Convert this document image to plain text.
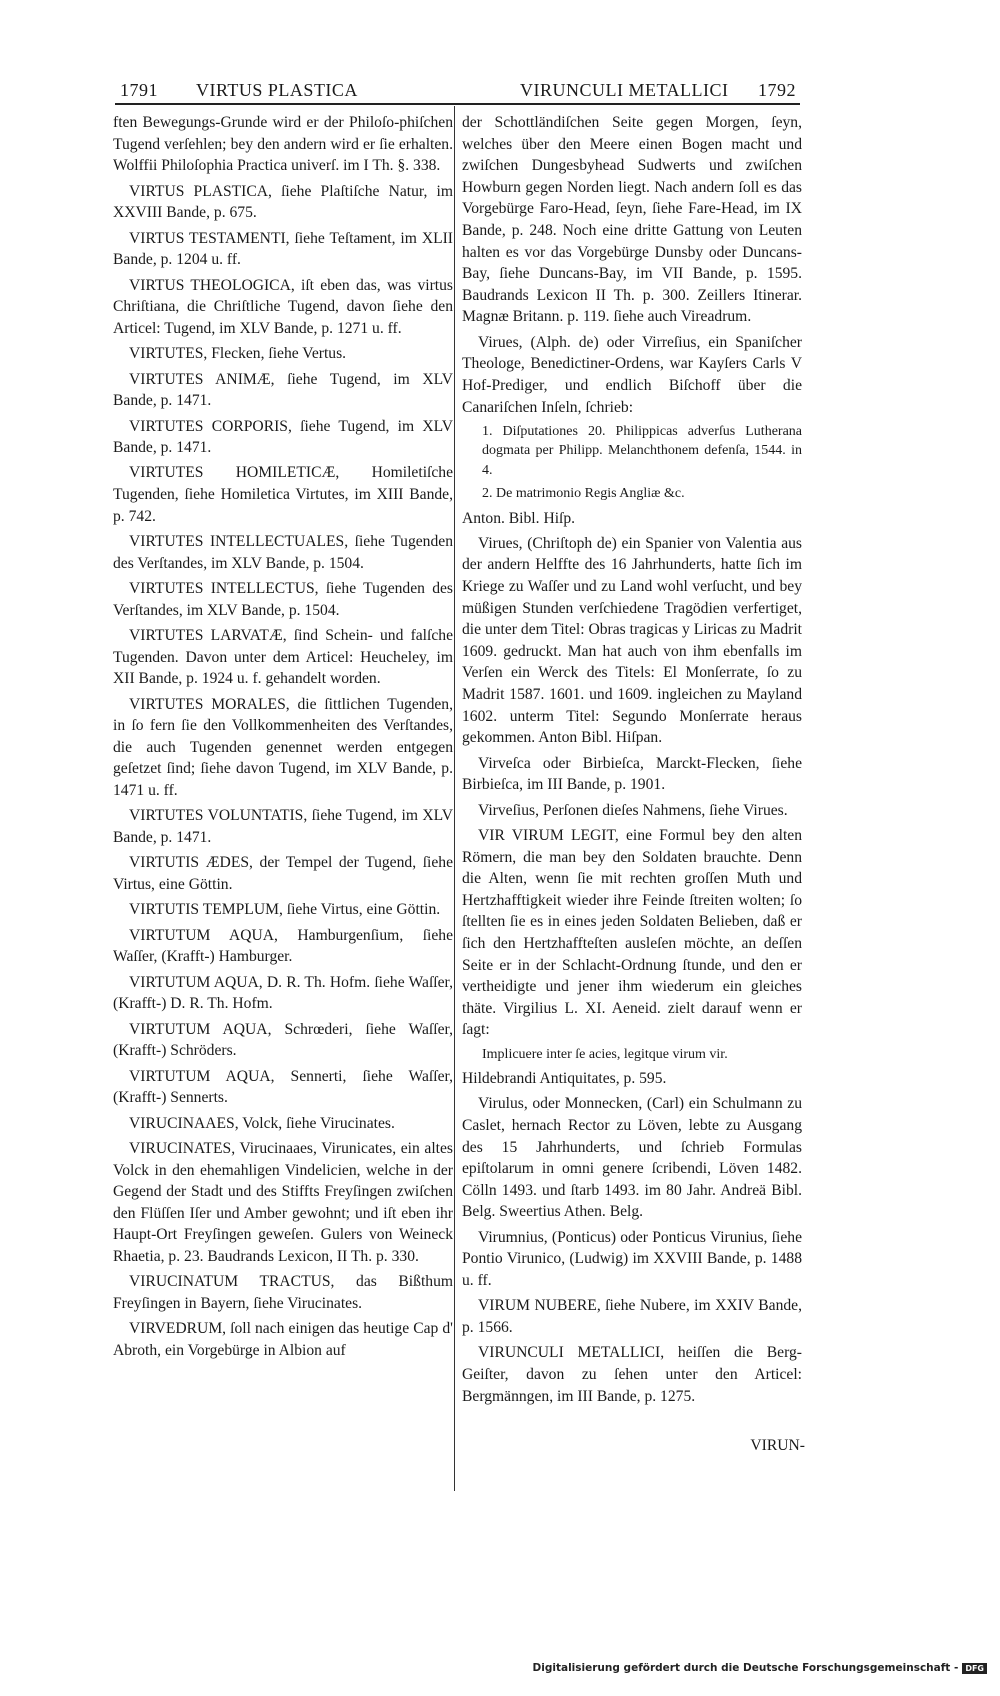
1791 VIRTUS PLASTICA	VIRUNCULI METALLICI 1792

ften Bewegungs-Grunde wird er der Philoſo-phiſchen Tugend verſehlen; bey den andern wird er ſie erhalten. Wolffii Philoſophia Practica univerſ. im I Th. §. 338.

VIRTUS PLASTICA, ſiehe Plaſtiſche Natur, im XXVIII Bande, p. 675.

VIRTUS TESTAMENTI, ſiehe Teſtament, im XLII Bande, p. 1204 u. ff.

VIRTUS THEOLOGICA, iſt eben das, was virtus Chriſtiana, die Chriſtliche Tugend, davon ſiehe den Articel: Tugend, im XLV Bande, p. 1271 u. ff.

VIRTUTES, Flecken, ſiehe Vertus.

VIRTUTES ANIMÆ, ſiehe Tugend, im XLV Bande, p. 1471.

VIRTUTES CORPORIS, ſiehe Tugend, im XLV Bande, p. 1471.

VIRTUTES HOMILETICÆ, Homiletiſche Tugenden, ſiehe Homiletica Virtutes, im XIII Bande, p. 742.

VIRTUTES INTELLECTUALES, ſiehe Tugenden des Verſtandes, im XLV Bande, p. 1504.

VIRTUTES INTELLECTUS, ſiehe Tugenden des Verſtandes, im XLV Bande, p. 1504.

VIRTUTES LARVATÆ, ſind Schein- und falſche Tugenden. Davon unter dem Articel: Heucheley, im XII Bande, p. 1924 u. f. gehandelt worden.

VIRTUTES MORALES, die ſittlichen Tugenden, in ſo fern ſie den Vollkommenheiten des Verſtandes, die auch Tugenden genennet werden entgegen geſetzet ſind; ſiehe davon Tugend, im XLV Bande, p. 1471 u. ff.

VIRTUTES VOLUNTATIS, ſiehe Tugend, im XLV Bande, p. 1471.

VIRTUTIS ÆDES, der Tempel der Tugend, ſiehe Virtus, eine Göttin.

VIRTUTIS TEMPLUM, ſiehe Virtus, eine Göttin.

VIRTUTUM AQUA, Hamburgenſium, ſiehe Waſſer, (Krafft-) Hamburger.

VIRTUTUM AQUA, D. R. Th. Hofm. ſiehe Waſſer, (Krafft-) D. R. Th. Hofm.

VIRTUTUM AQUA, Schrœderi, ſiehe Waſſer, (Krafft-) Schröders.

VIRTUTUM AQUA, Sennerti, ſiehe Waſſer, (Krafft-) Sennerts.

VIRUCINAAES, Volck, ſiehe Virucinates.

VIRUCINATES, Virucinaaes, Virunicates, ein altes Volck in den ehemahligen Vindelicien, welche in der Gegend der Stadt und des Stiffts Freyſingen zwiſchen den Flüſſen Iſer und Amber gewohnt; und iſt eben ihr Haupt-Ort Freyſingen geweſen. Gulers von Weineck Rhaetia, p. 23. Baudrands Lexicon, II Th. p. 330.

VIRUCINATUM TRACTUS, das Bißthum Freyſingen in Bayern, ſiehe Virucinates.

VIRVEDRUM, ſoll nach einigen das heutige Cap d' Abroth, ein Vorgebürge in Albion auf

der Schottländiſchen Seite gegen Morgen, ſeyn, welches über den Meere einen Bogen macht und zwiſchen Dungesbyhead Sudwerts und zwiſchen Howburn gegen Norden liegt. Nach andern ſoll es das Vorgebürge Faro-Head, ſeyn, ſiehe Fare-Head, im IX Bande, p. 248. Noch eine dritte Gattung von Leuten halten es vor das Vorgebürge Dunsby oder Duncans-Bay, ſiehe Duncans-Bay, im VII Bande, p. 1595. Baudrands Lexicon II Th. p. 300. Zeillers Itinerar. Magnæ Britann. p. 119. ſiehe auch Vireadrum.

Virues, (Alph. de) oder Virreſius, ein Spaniſcher Theologe, Benedictiner-Ordens, war Kayſers Carls V Hof-Prediger, und endlich Biſchoff über die Canariſchen Inſeln, ſchrieb:

1. Diſputationes 20. Philippicas adverſus Lutherana dogmata per Philipp. Melanchthonem defenſa, 1544. in 4.

2. De matrimonio Regis Angliæ &c.

Anton. Bibl. Hiſp.

Virues, (Chriſtoph de) ein Spanier von Valentia aus der andern Helffte des 16 Jahrhunderts, hatte ſich im Kriege zu Waſſer und zu Land wohl verſucht, und bey müßigen Stunden verſchiedene Tragödien verfertiget, die unter dem Titel: Obras tragicas y Liricas zu Madrit 1609. gedruckt. Man hat auch von ihm ebenfalls im Verſen ein Werck des Titels: El Monſerrate, ſo zu Madrit 1587. 1601. und 1609. ingleichen zu Mayland 1602. unterm Titel: Segundo Monſerrate heraus gekommen. Anton Bibl. Hiſpan.

Virveſca oder Birbieſca, Marckt-Flecken, ſiehe Birbieſca, im III Bande, p. 1901.

Virveſius, Perſonen dieſes Nahmens, ſiehe Virues.

VIR VIRUM LEGIT, eine Formul bey den alten Römern, die man bey den Soldaten brauchte. Denn die Alten, wenn ſie mit rechten groſſen Muth und Hertzhafftigkeit wieder ihre Feinde ſtreiten wolten; ſo ſtellten ſie es in eines jeden Soldaten Belieben, daß er ſich den Hertzhaffteſten ausleſen möchte, an deſſen Seite er in der Schlacht-Ordnung ſtunde, und den er vertheidigte und jener ihm wiederum ein gleiches thäte. Virgilius L. XI. Aeneid. zielt darauf wenn er ſagt:

Implicuere inter ſe acies, legitque virum vir.

Hildebrandi Antiquitates, p. 595.

Virulus, oder Monnecken, (Carl) ein Schulmann zu Caslet, hernach Rector zu Löven, lebte zu Ausgang des 15 Jahrhunderts, und ſchrieb Formulas epiſtolarum in omni genere ſcribendi, Löven 1482. Cölln 1493. und ſtarb 1493. im 80 Jahr. Andreä Bibl. Belg. Sweertius Athen. Belg.

Virumnius, (Ponticus) oder Ponticus Virunius, ſiehe Pontio Virunico, (Ludwig) im XXVIII Bande, p. 1488 u. ff.

VIRUM NUBERE, ſiehe Nubere, im XXIV Bande, p. 1566.

VIRUNCULI METALLICI, heiſſen die Berg-Geiſter, davon zu ſehen unter den Articel: Bergmänngen, im III Bande, p. 1275.

VIRUN-
Digitalisierung gefördert durch die Deutsche Forschungsgemeinschaft - DFG
